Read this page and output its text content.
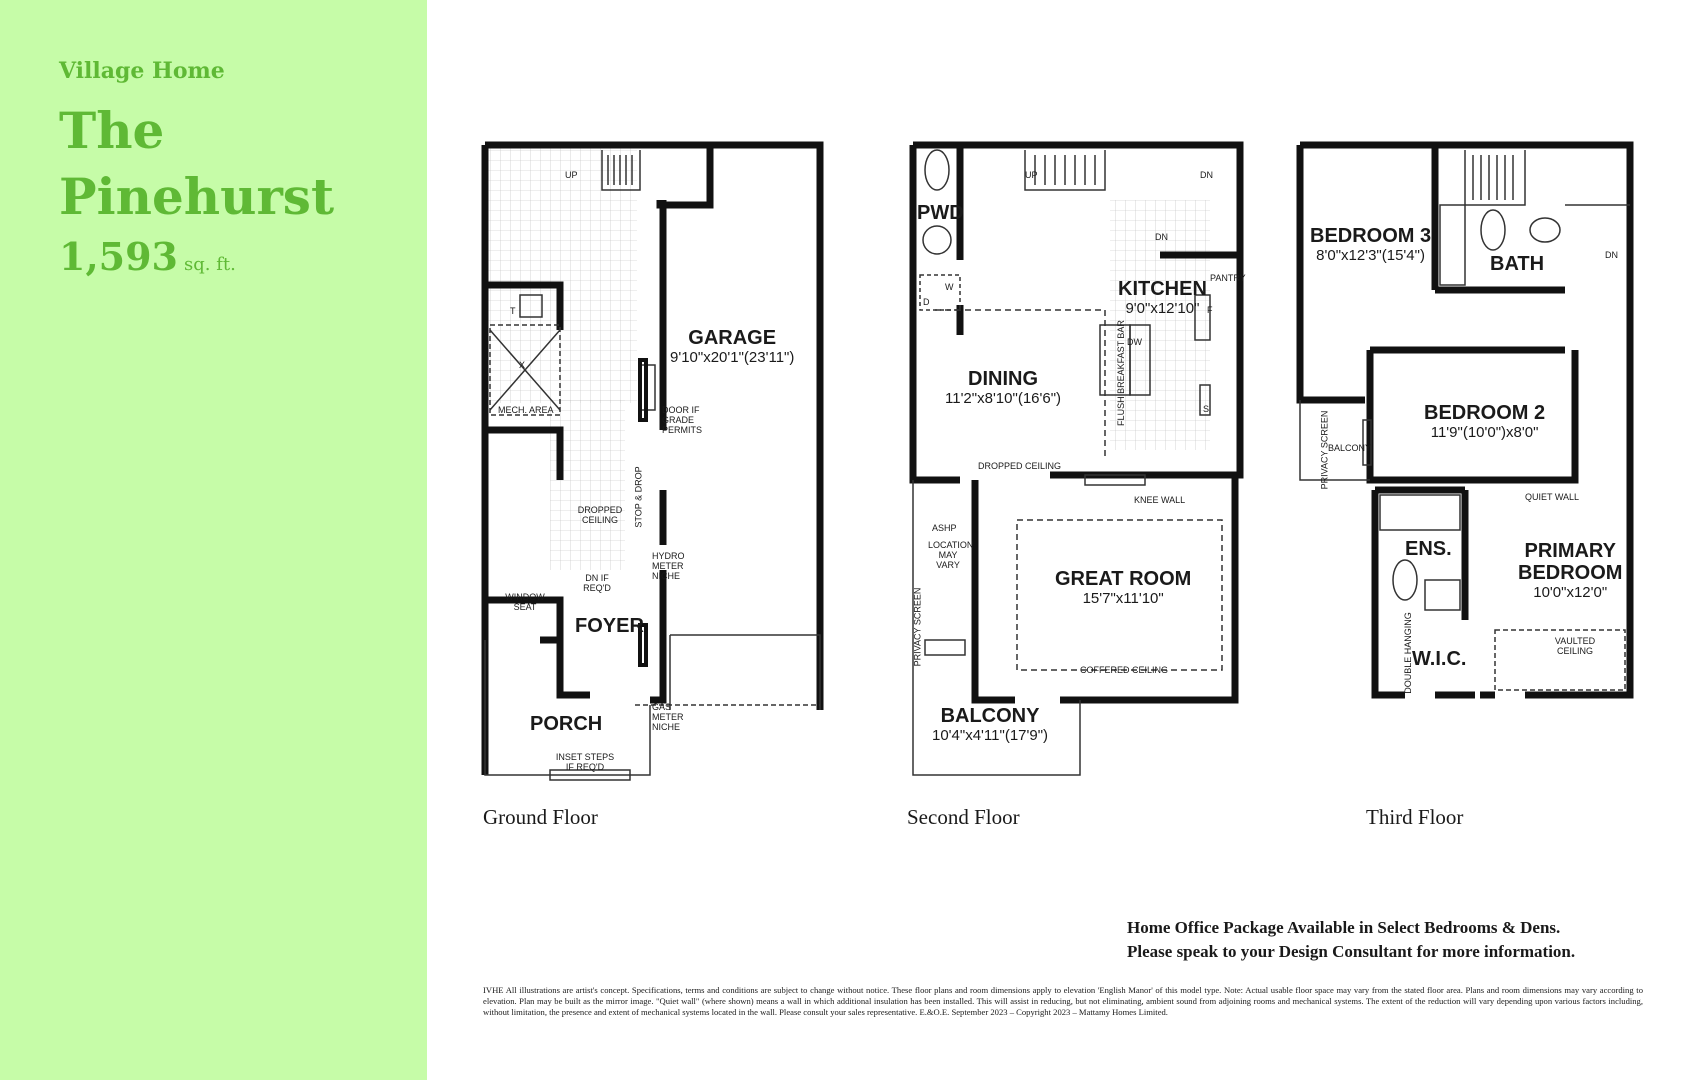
Village Home
The
Pinehurst
1,593 sq. ft.
UP
T
X
MECH. AREA	DOOR IF GRADE PERMITS
STOP & DROP
DROPPED CEILING
HYDRO METER NICHE
DN IF REQ'D
WINDOW SEAT
GAS METER NICHE
INSET STEPS IF REQ'D
GARAGE
9'10"x20'1"(23'11")
FOYER
PORCH
Ground Floor
UP	DN
DN
PANTRY
F
DW
S
W
D
FLUSH BREAKFAST BAR
DROPPED CEILING
KNEE WALL
ASHP
LOCATION MAY VARY
PRIVACY SCREEN
COFFERED CEILING
PWD
KITCHEN
9'0"x12'10"
DINING
11'2"x8'10"(16'6")
GREAT ROOM
15'7"x11'10"
BALCONY
10'4"x4'11"(17'9")
Second Floor
DN
PRIVACY SCREEN
BALCONY
QUIET WALL
VAULTED CEILING
DOUBLE HANGING
BEDROOM 3
8'0"x12'3"(15'4")	BATH
BEDROOM 2
11'9"(10'0")x8'0"
ENS.	PRIMARY
BEDROOM
10'0"x12'0"
W.I.C.
Third Floor
Home Office Package Available in Select Bedrooms & Dens.
Please speak to your Design Consultant for more information.
IVHE All illustrations are artist's concept. Specifications, terms and conditions are subject to change without notice. These floor plans and room dimensions apply to elevation 'English Manor' of this model type. Note: Actual usable floor space may vary from the stated floor area. Plans and room dimensions may vary according to elevation. Plan may be built as the mirror image. "Quiet wall" (where shown) means a wall in which additional insulation has been installed. This will assist in reducing, but not eliminating, ambient sound from adjoining rooms and mechanical systems. The extent of the reduction will vary depending upon various factors including, without limitation, the presence and extent of mechanical systems located in the wall. Please consult your sales representative. E.&O.E. September 2023 – Copyright 2023 – Mattamy Homes Limited.
